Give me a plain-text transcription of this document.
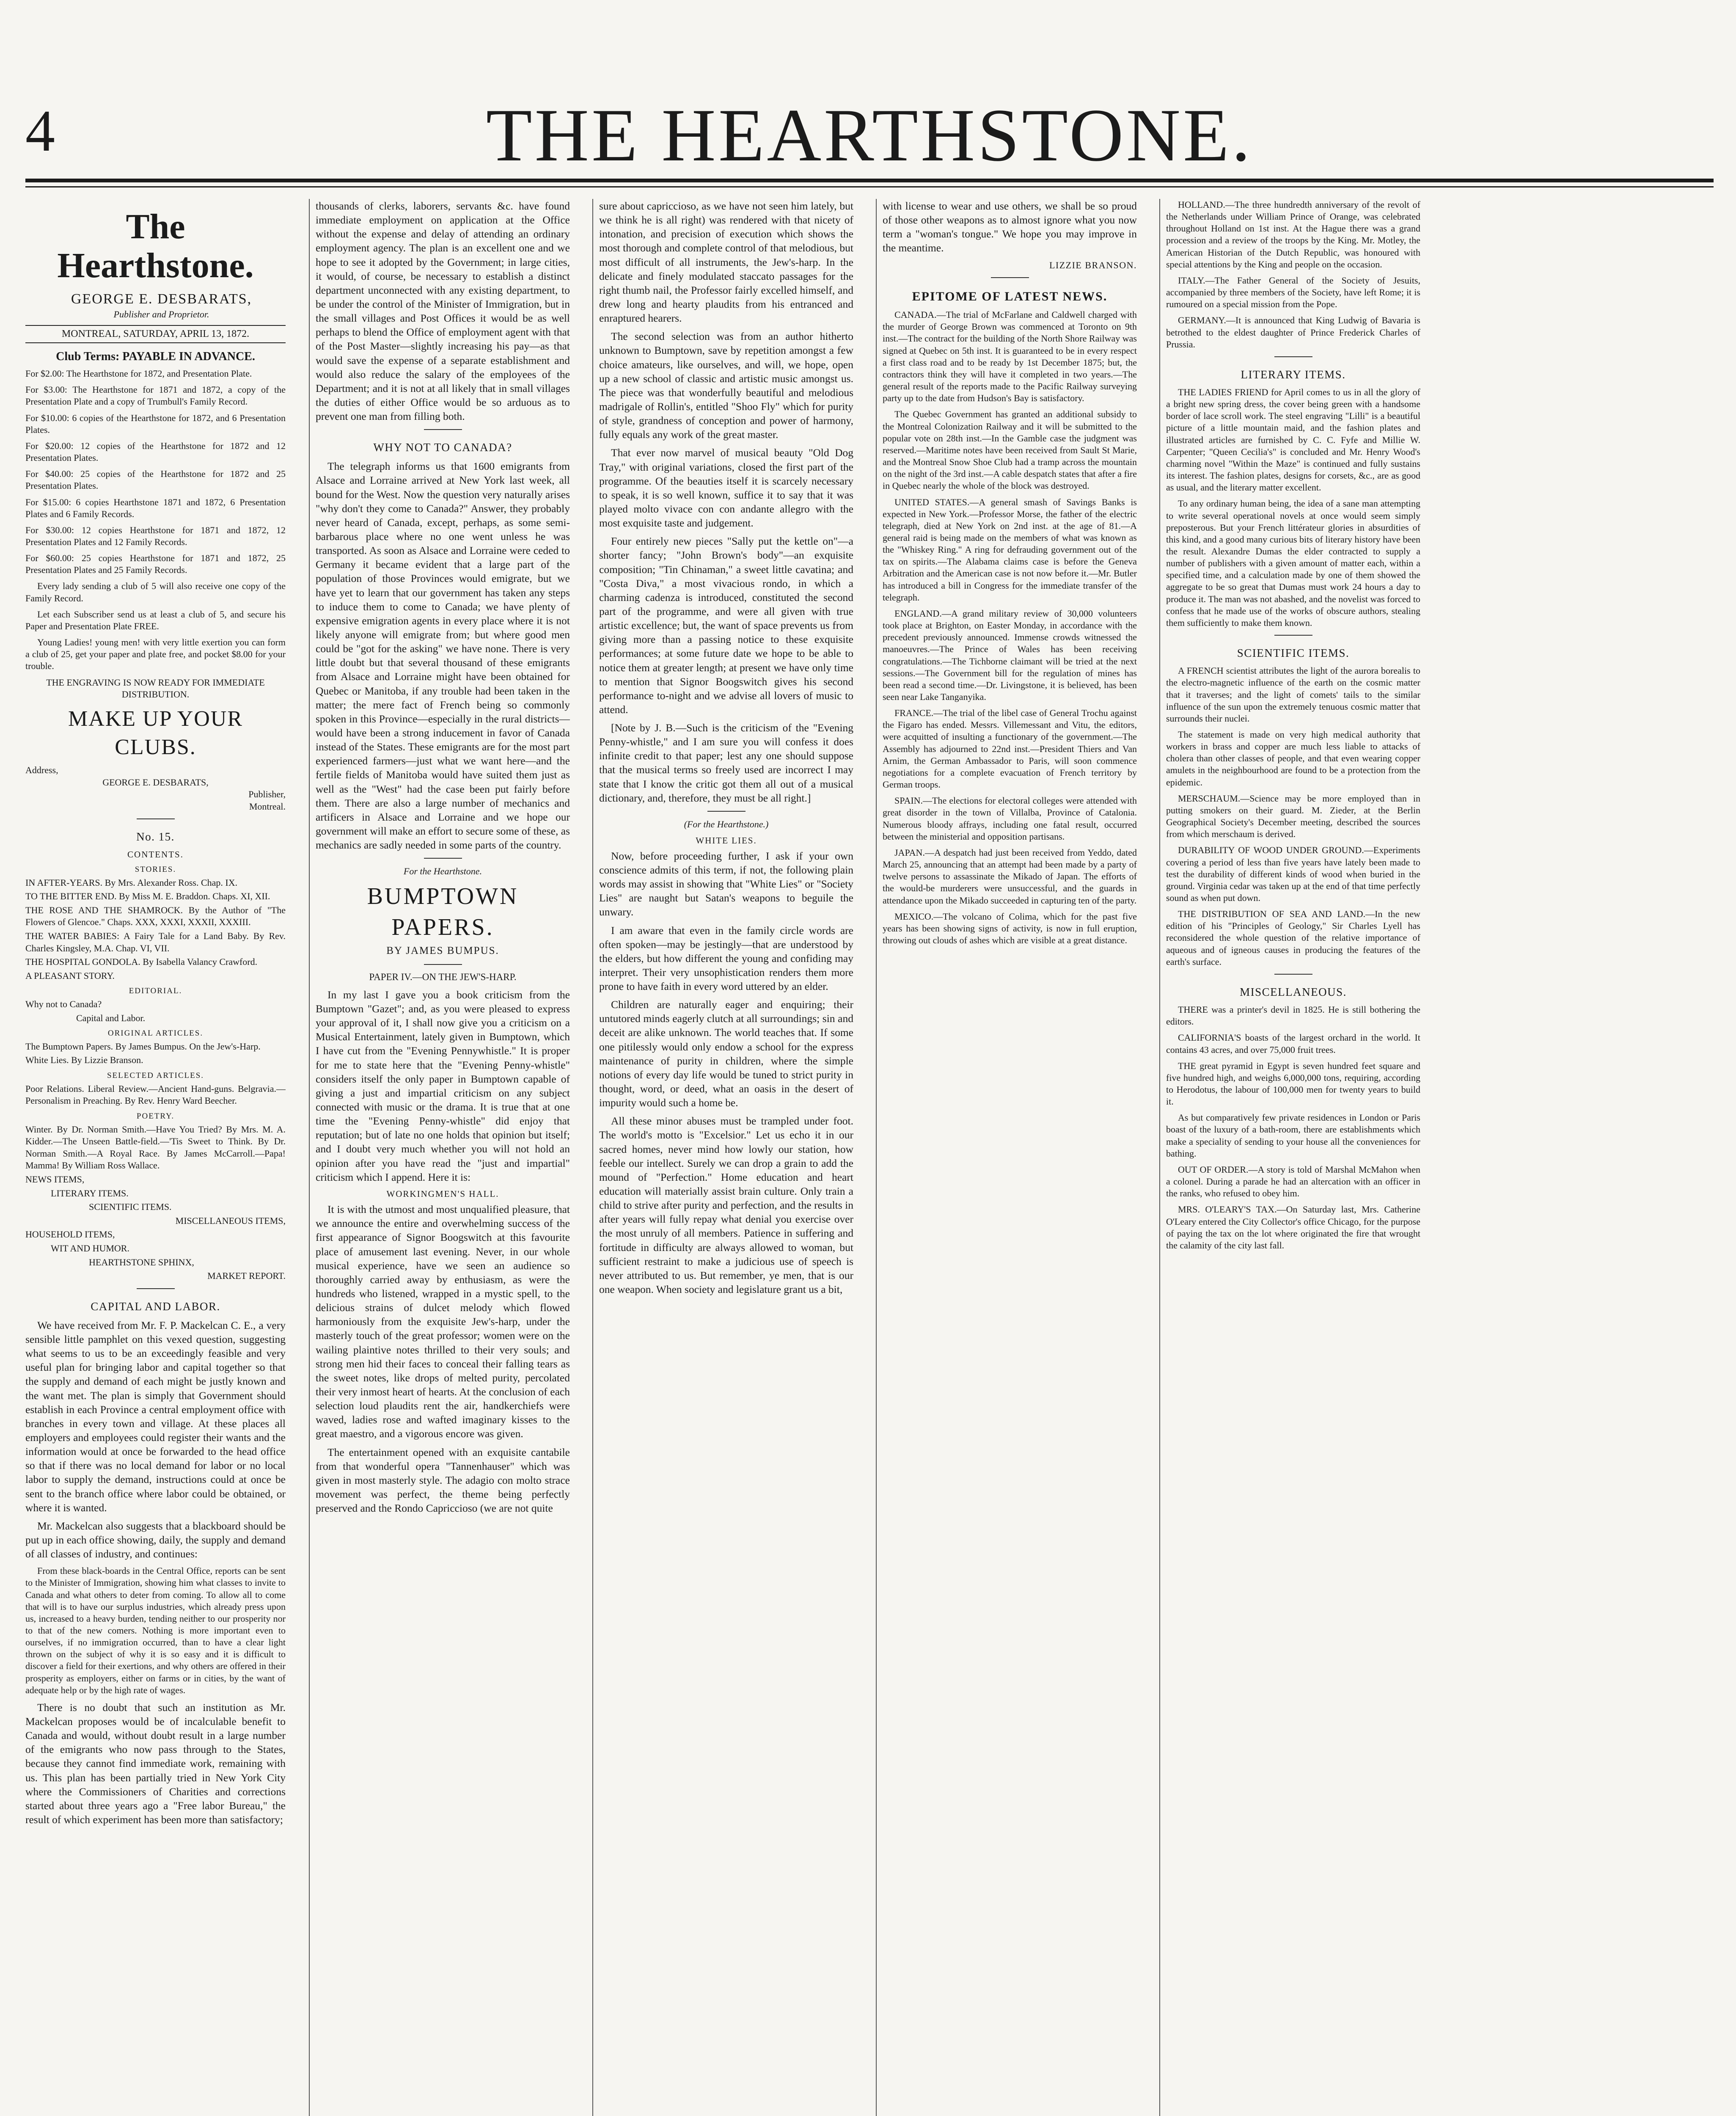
4	THE HEARTHSTONE.
The Hearthstone.

GEORGE E. DESBARATS,

Publisher and Proprietor.

MONTREAL, SATURDAY, APRIL 13, 1872.
Club Terms: PAYABLE IN ADVANCE.

For $2.00: The Hearthstone for 1872, and Presentation Plate.

For $3.00: The Hearthstone for 1871 and 1872, a copy of the Presentation Plate and a copy of Trumbull's Family Record.

For $10.00: 6 copies of the Hearthstone for 1872, and 6 Presentation Plates.

For $20.00: 12 copies of the Hearthstone for 1872 and 12 Presentation Plates.

For $40.00: 25 copies of the Hearthstone for 1872 and 25 Presentation Plates.

For $15.00: 6 copies Hearthstone 1871 and 1872, 6 Presentation Plates and 6 Family Records.

For $30.00: 12 copies Hearthstone for 1871 and 1872, 12 Presentation Plates and 12 Family Records.

For $60.00: 25 copies Hearthstone for 1871 and 1872, 25 Presentation Plates and 25 Family Records.

Every lady sending a club of 5 will also receive one copy of the Family Record.

Let each Subscriber send us at least a club of 5, and secure his Paper and Presentation Plate FREE.

Young Ladies! young men! with very little exertion you can form a club of 25, get your paper and plate free, and pocket $8.00 for your trouble.

THE ENGRAVING IS NOW READY FOR IMMEDIATE DISTRIBUTION.

MAKE UP YOUR CLUBS.
Address,
GEORGE E. DESBARATS,
Publisher,
Montreal.
No. 15.
CONTENTS.
STORIES.
IN AFTER-YEARS. By Mrs. Alexander Ross. Chap. IX.
TO THE BITTER END. By Miss M. E. Braddon. Chaps. XI, XII.
THE ROSE AND THE SHAMROCK. By the Author of "The Flowers of Glencoe." Chaps. XXX, XXXI, XXXII, XXXIII.
THE WATER BABIES: A Fairy Tale for a Land Baby. By Rev. Charles Kingsley, M.A. Chap. VI, VII.
THE HOSPITAL GONDOLA. By Isabella Valancy Crawford.
A PLEASANT STORY.
EDITORIAL.
Why not to Canada?
Capital and Labor.
ORIGINAL ARTICLES.
The Bumptown Papers. By James Bumpus. On the Jew's-Harp.
White Lies. By Lizzie Branson.
SELECTED ARTICLES.
Poor Relations. Liberal Review.—Ancient Hand-guns. Belgravia.—Personalism in Preaching. By Rev. Henry Ward Beecher.
POETRY.
Winter. By Dr. Norman Smith.—Have You Tried? By Mrs. M. A. Kidder.—The Unseen Battle-field.—'Tis Sweet to Think. By Dr. Norman Smith.—A Royal Race. By James McCarroll.—Papa! Mamma! By William Ross Wallace.
NEWS ITEMS,
LITERARY ITEMS.
SCIENTIFIC ITEMS.
MISCELLANEOUS ITEMS,
HOUSEHOLD ITEMS,
WIT AND HUMOR.
HEARTHSTONE SPHINX,
MARKET REPORT.
CAPITAL AND LABOR.

We have received from Mr. F. P. Mackelcan C. E., a very sensible little pamphlet on this vexed question, suggesting what seems to us to be an exceedingly feasible and very useful plan for bringing labor and capital together so that the supply and demand of each might be justly known and the want met. The plan is simply that Government should establish in each Province a central employment office with branches in every town and village. At these places all employers and employees could register their wants and the information would at once be forwarded to the head office so that if there was no local demand for labor or no local labor to supply the demand, instructions could at once be sent to the branch office where labor could be obtained, or where it is wanted.

Mr. Mackelcan also suggests that a blackboard should be put up in each office showing, daily, the supply and demand of all classes of industry, and continues:

From these black-boards in the Central Office, reports can be sent to the Minister of Immigration, showing him what classes to invite to Canada and what others to deter from coming. To allow all to come that will is to have our surplus industries, which already press upon us, increased to a heavy burden, tending neither to our prosperity nor to that of the new comers. Nothing is more important even to ourselves, if no immigration occurred, than to have a clear light thrown on the subject of why it is so easy and it is difficult to discover a field for their exertions, and why others are offered in their prosperity as employers, either on farms or in cities, by the want of adequate help or by the high rate of wages.

There is no doubt that such an institution as Mr. Mackelcan proposes would be of incalculable benefit to Canada and would, without doubt result in a large number of the emigrants who now pass through to the States, because they cannot find immediate work, remaining with us. This plan has been partially tried in New York City where the Commissioners of Charities and corrections started about three years ago a "Free labor Bureau," the result of which experiment has been more than satisfactory;

thousands of clerks, laborers, servants &c. have found immediate employment on application at the Office without the expense and delay of attending an ordinary employment agency. The plan is an excellent one and we hope to see it adopted by the Government; in large cities, it would, of course, be necessary to establish a distinct department unconnected with any existing department, to be under the control of the Minister of Immigration, but in the small villages and Post Offices it would be as well perhaps to blend the Office of employment agent with that of the Post Master—slightly increasing his pay—as that would save the expense of a separate establishment and would also reduce the salary of the employees of the Department; and it is not at all likely that in small villages the duties of either Office would be so arduous as to prevent one man from filling both.

WHY NOT TO CANADA?

The telegraph informs us that 1600 emigrants from Alsace and Lorraine arrived at New York last week, all bound for the West. Now the question very naturally arises "why don't they come to Canada?" Answer, they probably never heard of Canada, except, perhaps, as some semi-barbarous place where no one went unless he was transported. As soon as Alsace and Lorraine were ceded to Germany it became evident that a large part of the population of those Provinces would emigrate, but we have yet to learn that our government has taken any steps to induce them to come to Canada; we have plenty of expensive emigration agents in every place where it is not likely anyone will emigrate from; but where good men could be "got for the asking" we have none. There is very little doubt but that several thousand of these emigrants from Alsace and Lorraine might have been obtained for Quebec or Manitoba, if any trouble had been taken in the matter; the mere fact of French being so commonly spoken in this Province—especially in the rural districts—would have been a strong inducement in favor of Canada instead of the States. These emigrants are for the most part experienced farmers—just what we want here—and the fertile fields of Manitoba would have suited them just as well as the "West" had the case been put fairly before them. There are also a large number of mechanics and artificers in Alsace and Lorraine and we hope our government will make an effort to secure some of these, as mechanics are sadly needed in some parts of the country.

For the Hearthstone.
BUMPTOWN PAPERS.
BY JAMES BUMPUS.
PAPER IV.—ON THE JEW'S-HARP.

In my last I gave you a book criticism from the Bumptown "Gazet"; and, as you were pleased to express your approval of it, I shall now give you a criticism on a Musical Entertainment, lately given in Bumptown, which I have cut from the "Evening Pennywhistle." It is proper for me to state here that the "Evening Penny-whistle" considers itself the only paper in Bumptown capable of giving a just and impartial criticism on any subject connected with music or the drama. It is true that at one time the "Evening Penny-whistle" did enjoy that reputation; but of late no one holds that opinion but itself; and I doubt very much whether you will not hold an opinion after you have read the "just and impartial" criticism which I append. Here it is:

WORKINGMEN'S HALL.

It is with the utmost and most unqualified pleasure, that we announce the entire and overwhelming success of the first appearance of Signor Boogswitch at this favourite place of amusement last evening. Never, in our whole musical experience, have we seen an audience so thoroughly carried away by enthusiasm, as were the hundreds who listened, wrapped in a mystic spell, to the delicious strains of dulcet melody which flowed harmoniously from the exquisite Jew's-harp, under the masterly touch of the great professor; women were on the wailing plaintive notes thrilled to their very souls; and strong men hid their faces to conceal their falling tears as the sweet notes, like drops of melted purity, percolated their very inmost heart of hearts. At the conclusion of each selection loud plaudits rent the air, handkerchiefs were waved, ladies rose and wafted imaginary kisses to the great maestro, and a vigorous encore was given.

The entertainment opened with an exquisite cantabile from that wonderful opera "Tannenhauser" which was given in most masterly style. The adagio con molto strace movement was perfect, the theme being perfectly preserved and the Rondo Capriccioso (we are not quite

sure about capriccioso, as we have not seen him lately, but we think he is all right) was rendered with that nicety of intonation, and precision of execution which shows the most thorough and complete control of that melodious, but most difficult of all instruments, the Jew's-harp. In the delicate and finely modulated staccato passages for the right thumb nail, the Professor fairly excelled himself, and drew long and hearty plaudits from his entranced and enraptured hearers.

The second selection was from an author hitherto unknown to Bumptown, save by repetition amongst a few choice amateurs, like ourselves, and will, we hope, open up a new school of classic and artistic music amongst us. The piece was that wonderfully beautiful and melodious madrigale of Rollin's, entitled "Shoo Fly" which for purity of style, grandness of conception and power of harmony, fully equals any work of the great master.

That ever now marvel of musical beauty "Old Dog Tray," with original variations, closed the first part of the programme. Of the beauties itself it is scarcely necessary to speak, it is so well known, suffice it to say that it was played molto vivace con con andante allegro with the most exquisite taste and judgement.

Four entirely new pieces "Sally put the kettle on"—a shorter fancy; "John Brown's body"—an exquisite composition; "Tin Chinaman," a sweet little cavatina; and "Costa Diva," a most vivacious rondo, in which a charming cadenza is introduced, constituted the second part of the programme, and were all given with true artistic excellence; but, the want of space prevents us from giving more than a passing notice to these exquisite performances; at some future date we hope to be able to notice them at greater length; at present we have only time to mention that Signor Boogswitch gives his second performance to-night and we advise all lovers of music to attend.

[Note by J. B.—Such is the criticism of the "Evening Penny-whistle," and I am sure you will confess it does infinite credit to that paper; lest any one should suppose that the musical terms so freely used are incorrect I may state that I know the critic got them all out of a musical dictionary, and, therefore, they must be all right.]

(For the Hearthstone.)
WHITE LIES.

Now, before proceeding further, I ask if your own conscience admits of this term, if not, the following plain words may assist in showing that "White Lies" or "Society Lies" are naught but Satan's weapons to beguile the unwary.

I am aware that even in the family circle words are often spoken—may be jestingly—that are understood by the elders, but how different the young and confiding may interpret. Their very unsophistication renders them more prone to have faith in every word uttered by an elder.

Children are naturally eager and enquiring; their untutored minds eagerly clutch at all surroundings; sin and deceit are alike unknown. The world teaches that. If some one pitilessly would only endow a school for the express maintenance of purity in children, where the simple notions of every day life would be tuned to strict purity in thought, word, or deed, what an oasis in the desert of impurity would such a home be.

All these minor abuses must be trampled under foot. The world's motto is "Excelsior." Let us echo it in our sacred homes, never mind how lowly our station, how feeble our intellect. Surely we can drop a grain to add the mound of "Perfection." Home education and heart education will materially assist brain culture. Only train a child to strive after purity and perfection, and the results in after years will fully repay what denial you exercise over the most unruly of all members. Patience in suffering and fortitude in difficulty are always allowed to woman, but sufficient restraint to make a judicious use of speech is never attributed to us. But remember, ye men, that is our one weapon. When society and legislature grant us a bit,

with license to wear and use others, we shall be so proud of those other weapons as to almost ignore what you now term a "woman's tongue." We hope you may improve in the meantime.

LIZZIE BRANSON.
EPITOME OF LATEST NEWS.

CANADA.—The trial of McFarlane and Caldwell charged with the murder of George Brown was commenced at Toronto on 9th inst.—The contract for the building of the North Shore Railway was signed at Quebec on 5th inst. It is guaranteed to be in every respect a first class road and to be ready by 1st December 1875; but, the contractors think they will have it completed in two years.—The general result of the reports made to the Pacific Railway surveying party up to the date from Hudson's Bay is satisfactory.

The Quebec Government has granted an additional subsidy to the Montreal Colonization Railway and it will be submitted to the popular vote on 28th inst.—In the Gamble case the judgment was reserved.—Maritime notes have been received from Sault St Marie, and the Montreal Snow Shoe Club had a tramp across the mountain on the night of the 3rd inst.—A cable despatch states that after a fire in Quebec nearly the whole of the block was destroyed.

UNITED STATES.—A general smash of Savings Banks is expected in New York.—Professor Morse, the father of the electric telegraph, died at New York on 2nd inst. at the age of 81.—A general raid is being made on the members of what was known as the "Whiskey Ring." A ring for defrauding government out of the tax on spirits.—The Alabama claims case is before the Geneva Arbitration and the American case is not now before it.—Mr. Butler has introduced a bill in Congress for the immediate transfer of the telegraph.

ENGLAND.—A grand military review of 30,000 volunteers took place at Brighton, on Easter Monday, in accordance with the precedent previously announced. Immense crowds witnessed the manoeuvres.—The Prince of Wales has been receiving congratulations.—The Tichborne claimant will be tried at the next sessions.—The Government bill for the regulation of mines has been read a second time.—Dr. Livingstone, it is believed, has been seen near Lake Tanganyika.

FRANCE.—The trial of the libel case of General Trochu against the Figaro has ended. Messrs. Villemessant and Vitu, the editors, were acquitted of insulting a functionary of the government.—The Assembly has adjourned to 22nd inst.—President Thiers and Van Arnim, the German Ambassador to Paris, will soon commence negotiations for a complete evacuation of French territory by German troops.

SPAIN.—The elections for electoral colleges were attended with great disorder in the town of Villalba, Province of Catalonia. Numerous bloody affrays, including one fatal result, occurred between the ministerial and opposition partisans.

JAPAN.—A despatch had just been received from Yeddo, dated March 25, announcing that an attempt had been made by a party of twelve persons to assassinate the Mikado of Japan. The efforts of the would-be murderers were unsuccessful, and the guards in attendance upon the Mikado succeeded in capturing ten of the party.

MEXICO.—The volcano of Colima, which for the past five years has been showing signs of activity, is now in full eruption, throwing out clouds of ashes which are visible at a great distance.

HOLLAND.—The three hundredth anniversary of the revolt of the Netherlands under William Prince of Orange, was celebrated throughout Holland on 1st inst. At the Hague there was a grand procession and a review of the troops by the King. Mr. Motley, the American Historian of the Dutch Republic, was honoured with special attentions by the King and people on the occasion.

ITALY.—The Father General of the Society of Jesuits, accompanied by three members of the Society, have left Rome; it is rumoured on a special mission from the Pope.

GERMANY.—It is announced that King Ludwig of Bavaria is betrothed to the eldest daughter of Prince Frederick Charles of Prussia.

LITERARY ITEMS.

THE LADIES FRIEND for April comes to us in all the glory of a bright new spring dress, the cover being green with a handsome border of lace scroll work. The steel engraving "Lilli" is a beautiful picture of a little mountain maid, and the fashion plates and illustrated articles are furnished by C. C. Fyfe and Millie W. Carpenter; "Queen Cecilia's" is concluded and Mr. Henry Wood's charming novel "Within the Maze" is continued and fully sustains its interest. The fashion plates, designs for corsets, &c., are as good as usual, and the literary matter excellent.

To any ordinary human being, the idea of a sane man attempting to write several operational novels at once would seem simply preposterous. But your French littérateur glories in absurdities of this kind, and a good many curious bits of literary history have been the result. Alexandre Dumas the elder contracted to supply a number of publishers with a given amount of matter each, within a specified time, and a calculation made by one of them showed the aggregate to be so great that Dumas must work 24 hours a day to produce it. The man was not abashed, and the novelist was forced to confess that he made use of the works of obscure authors, stealing them sufficiently to make them known.

SCIENTIFIC ITEMS.

A FRENCH scientist attributes the light of the aurora borealis to the electro-magnetic influence of the earth on the cosmic matter that it traverses; and the light of comets' tails to the similar influence of the sun upon the extremely tenuous cosmic matter that surrounds their nuclei.

The statement is made on very high medical authority that workers in brass and copper are much less liable to attacks of cholera than other classes of people, and that even wearing copper amulets in the neighbourhood are found to be a protection from the epidemic.

MERSCHAUM.—Science may be more employed than in putting smokers on their guard. M. Zieder, at the Berlin Geographical Society's December meeting, described the sources from which merschaum is derived.

DURABILITY OF WOOD UNDER GROUND.—Experiments covering a period of less than five years have lately been made to test the durability of different kinds of wood when buried in the ground. Virginia cedar was taken up at the end of that time perfectly sound as when put down.

THE DISTRIBUTION OF SEA AND LAND.—In the new edition of his "Principles of Geology," Sir Charles Lyell has reconsidered the whole question of the relative importance of aqueous and of igneous causes in producing the features of the earth's surface.

MISCELLANEOUS.

THERE was a printer's devil in 1825. He is still bothering the editors.

CALIFORNIA'S boasts of the largest orchard in the world. It contains 43 acres, and over 75,000 fruit trees.

THE great pyramid in Egypt is seven hundred feet square and five hundred high, and weighs 6,000,000 tons, requiring, according to Herodotus, the labour of 100,000 men for twenty years to build it.

As but comparatively few private residences in London or Paris boast of the luxury of a bath-room, there are establishments which make a speciality of sending to your house all the conveniences for bathing.

OUT OF ORDER.—A story is told of Marshal McMahon when a colonel. During a parade he had an altercation with an officer in the ranks, who refused to obey him.

MRS. O'LEARY'S TAX.—On Saturday last, Mrs. Catherine O'Leary entered the City Collector's office Chicago, for the purpose of paying the tax on the lot where originated the fire that wrought the calamity of the city last fall.
